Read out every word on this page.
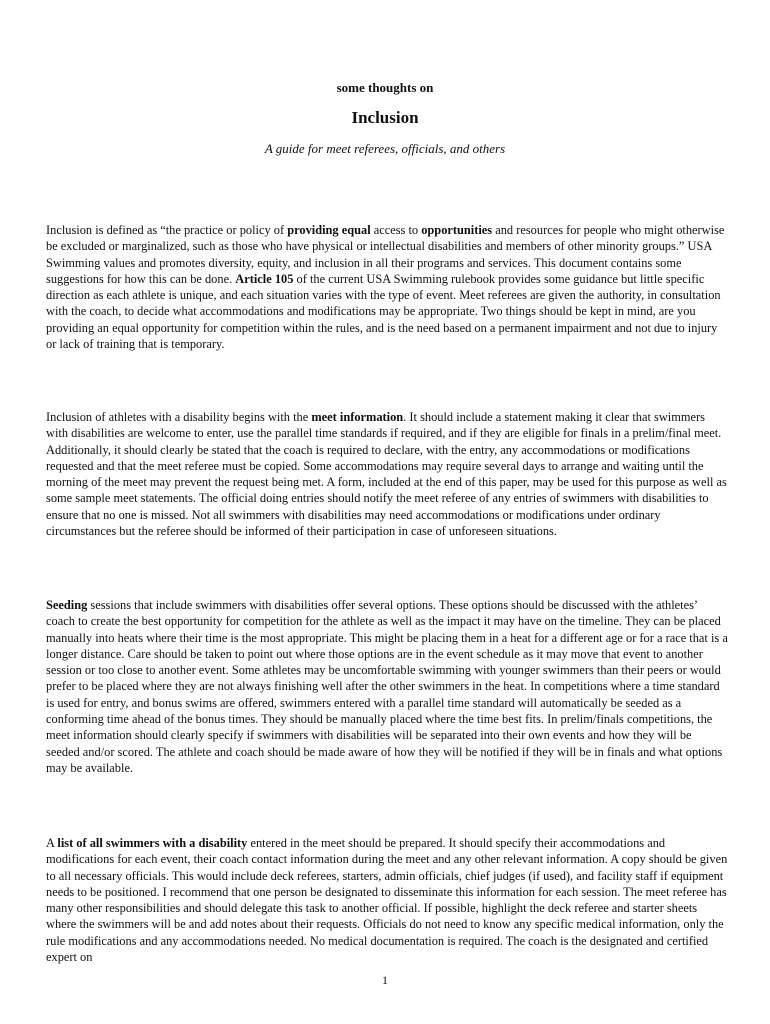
some thoughts on
Inclusion
A guide for meet referees, officials, and others

Inclusion is defined as “the practice or policy of providing equal access to opportunities and resources for people who might otherwise be excluded or marginalized, such as those who have physical or intellectual disabilities and members of other minority groups.” USA Swimming values and promotes diversity, equity, and inclusion in all their programs and services. This document contains some suggestions for how this can be done. Article 105 of the current USA Swimming rulebook provides some guidance but little specific direction as each athlete is unique, and each situation varies with the type of event. Meet referees are given the authority, in consultation with the coach, to decide what accommodations and modifications may be appropriate. Two things should be kept in mind, are you providing an equal opportunity for competition within the rules, and is the need based on a permanent impairment and not due to injury or lack of training that is temporary.

Inclusion of athletes with a disability begins with the meet information. It should include a statement making it clear that swimmers with disabilities are welcome to enter, use the parallel time standards if required, and if they are eligible for finals in a prelim/final meet. Additionally, it should clearly be stated that the coach is required to declare, with the entry, any accommodations or modifications requested and that the meet referee must be copied. Some accommodations may require several days to arrange and waiting until the morning of the meet may prevent the request being met. A form, included at the end of this paper, may be used for this purpose as well as some sample meet statements. The official doing entries should notify the meet referee of any entries of swimmers with disabilities to ensure that no one is missed. Not all swimmers with disabilities may need accommodations or modifications under ordinary circumstances but the referee should be informed of their participation in case of unforeseen situations.

Seeding sessions that include swimmers with disabilities offer several options. These options should be discussed with the athletes’ coach to create the best opportunity for competition for the athlete as well as the impact it may have on the timeline. They can be placed manually into heats where their time is the most appropriate. This might be placing them in a heat for a different age or for a race that is a longer distance. Care should be taken to point out where those options are in the event schedule as it may move that event to another session or too close to another event. Some athletes may be uncomfortable swimming with younger swimmers than their peers or would prefer to be placed where they are not always finishing well after the other swimmers in the heat. In competitions where a time standard is used for entry, and bonus swims are offered, swimmers entered with a parallel time standard will automatically be seeded as a conforming time ahead of the bonus times. They should be manually placed where the time best fits. In prelim/finals competitions, the meet information should clearly specify if swimmers with disabilities will be separated into their own events and how they will be seeded and/or scored. The athlete and coach should be made aware of how they will be notified if they will be in finals and what options may be available.

A list of all swimmers with a disability entered in the meet should be prepared. It should specify their accommodations and modifications for each event, their coach contact information during the meet and any other relevant information. A copy should be given to all necessary officials. This would include deck referees, starters, admin officials, chief judges (if used), and facility staff if equipment needs to be positioned. I recommend that one person be designated to disseminate this information for each session. The meet referee has many other responsibilities and should delegate this task to another official. If possible, highlight the deck referee and starter sheets where the swimmers will be and add notes about their requests. Officials do not need to know any specific medical information, only the rule modifications and any accommodations needed. No medical documentation is required. The coach is the designated and certified expert on

1
